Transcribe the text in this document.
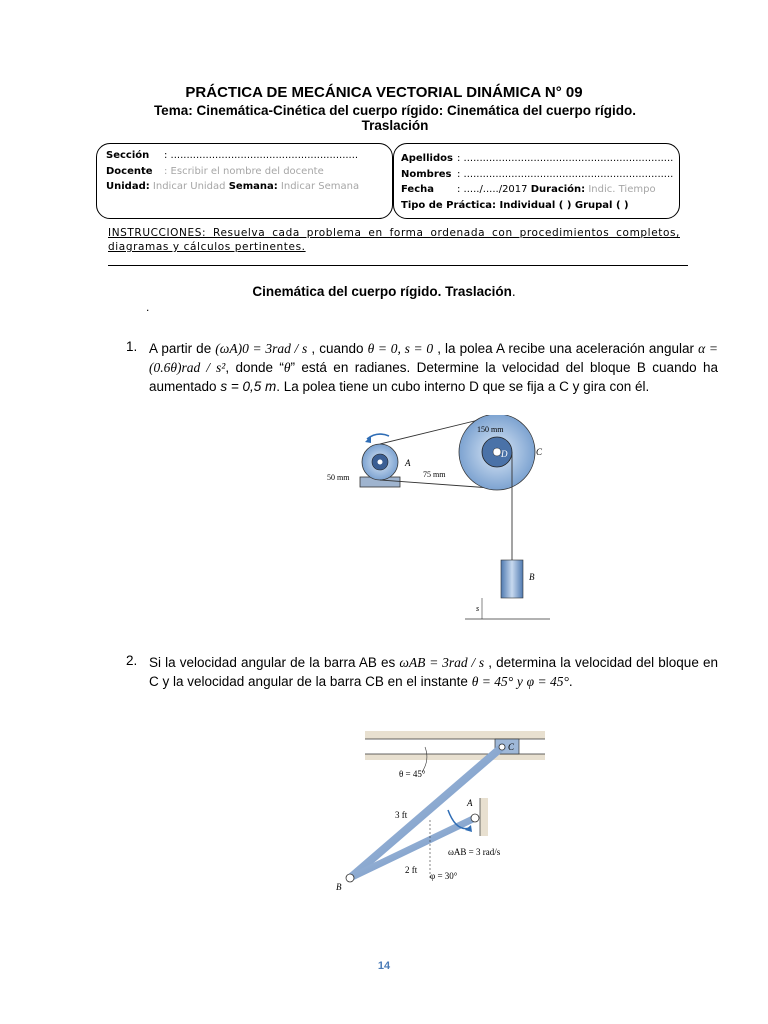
PRÁCTICA DE MECÁNICA VECTORIAL DINÁMICA N° 09
Tema: Cinemática-Cinética del cuerpo rígido: Cinemática del cuerpo rígido. Traslación
Sección : ...........................................................
Docente : Escribir el nombre del docente
Unidad: Indicar Unidad Semana: Indicar Semana
Apellidos : ..................................................................
Nombres : ..................................................................
Fecha : ...../...../2017 Duración: Indic. Tiempo
Tipo de Práctica: Individual ( ) Grupal ( )
INSTRUCCIONES: Resuelva cada problema en forma ordenada con procedimientos completos, diagramas y cálculos pertinentes.
Cinemática del cuerpo rígido. Traslación.
.
1. A partir de (ωA)0 = 3rad / s , cuando θ = 0, s = 0 , la polea A recibe una aceleración angular α = (0.6θ)rad / s², donde “θ” está en radianes. Determine la velocidad del bloque B cuando ha aumentado s = 0,5 m. La polea tiene un cubo interno D que se fija a C y gira con él.
150 mm
D	C
A
75 mm
50 mm
B
s
2. Si la velocidad angular de la barra AB es ωAB = 3rad / s , determina la velocidad del bloque en C y la velocidad angular de la barra CB en el instante θ = 45° y φ = 45°.
C
θ = 45°
A
3 ft
ωAB = 3 rad/s
2 ft
φ = 30°
B
14
